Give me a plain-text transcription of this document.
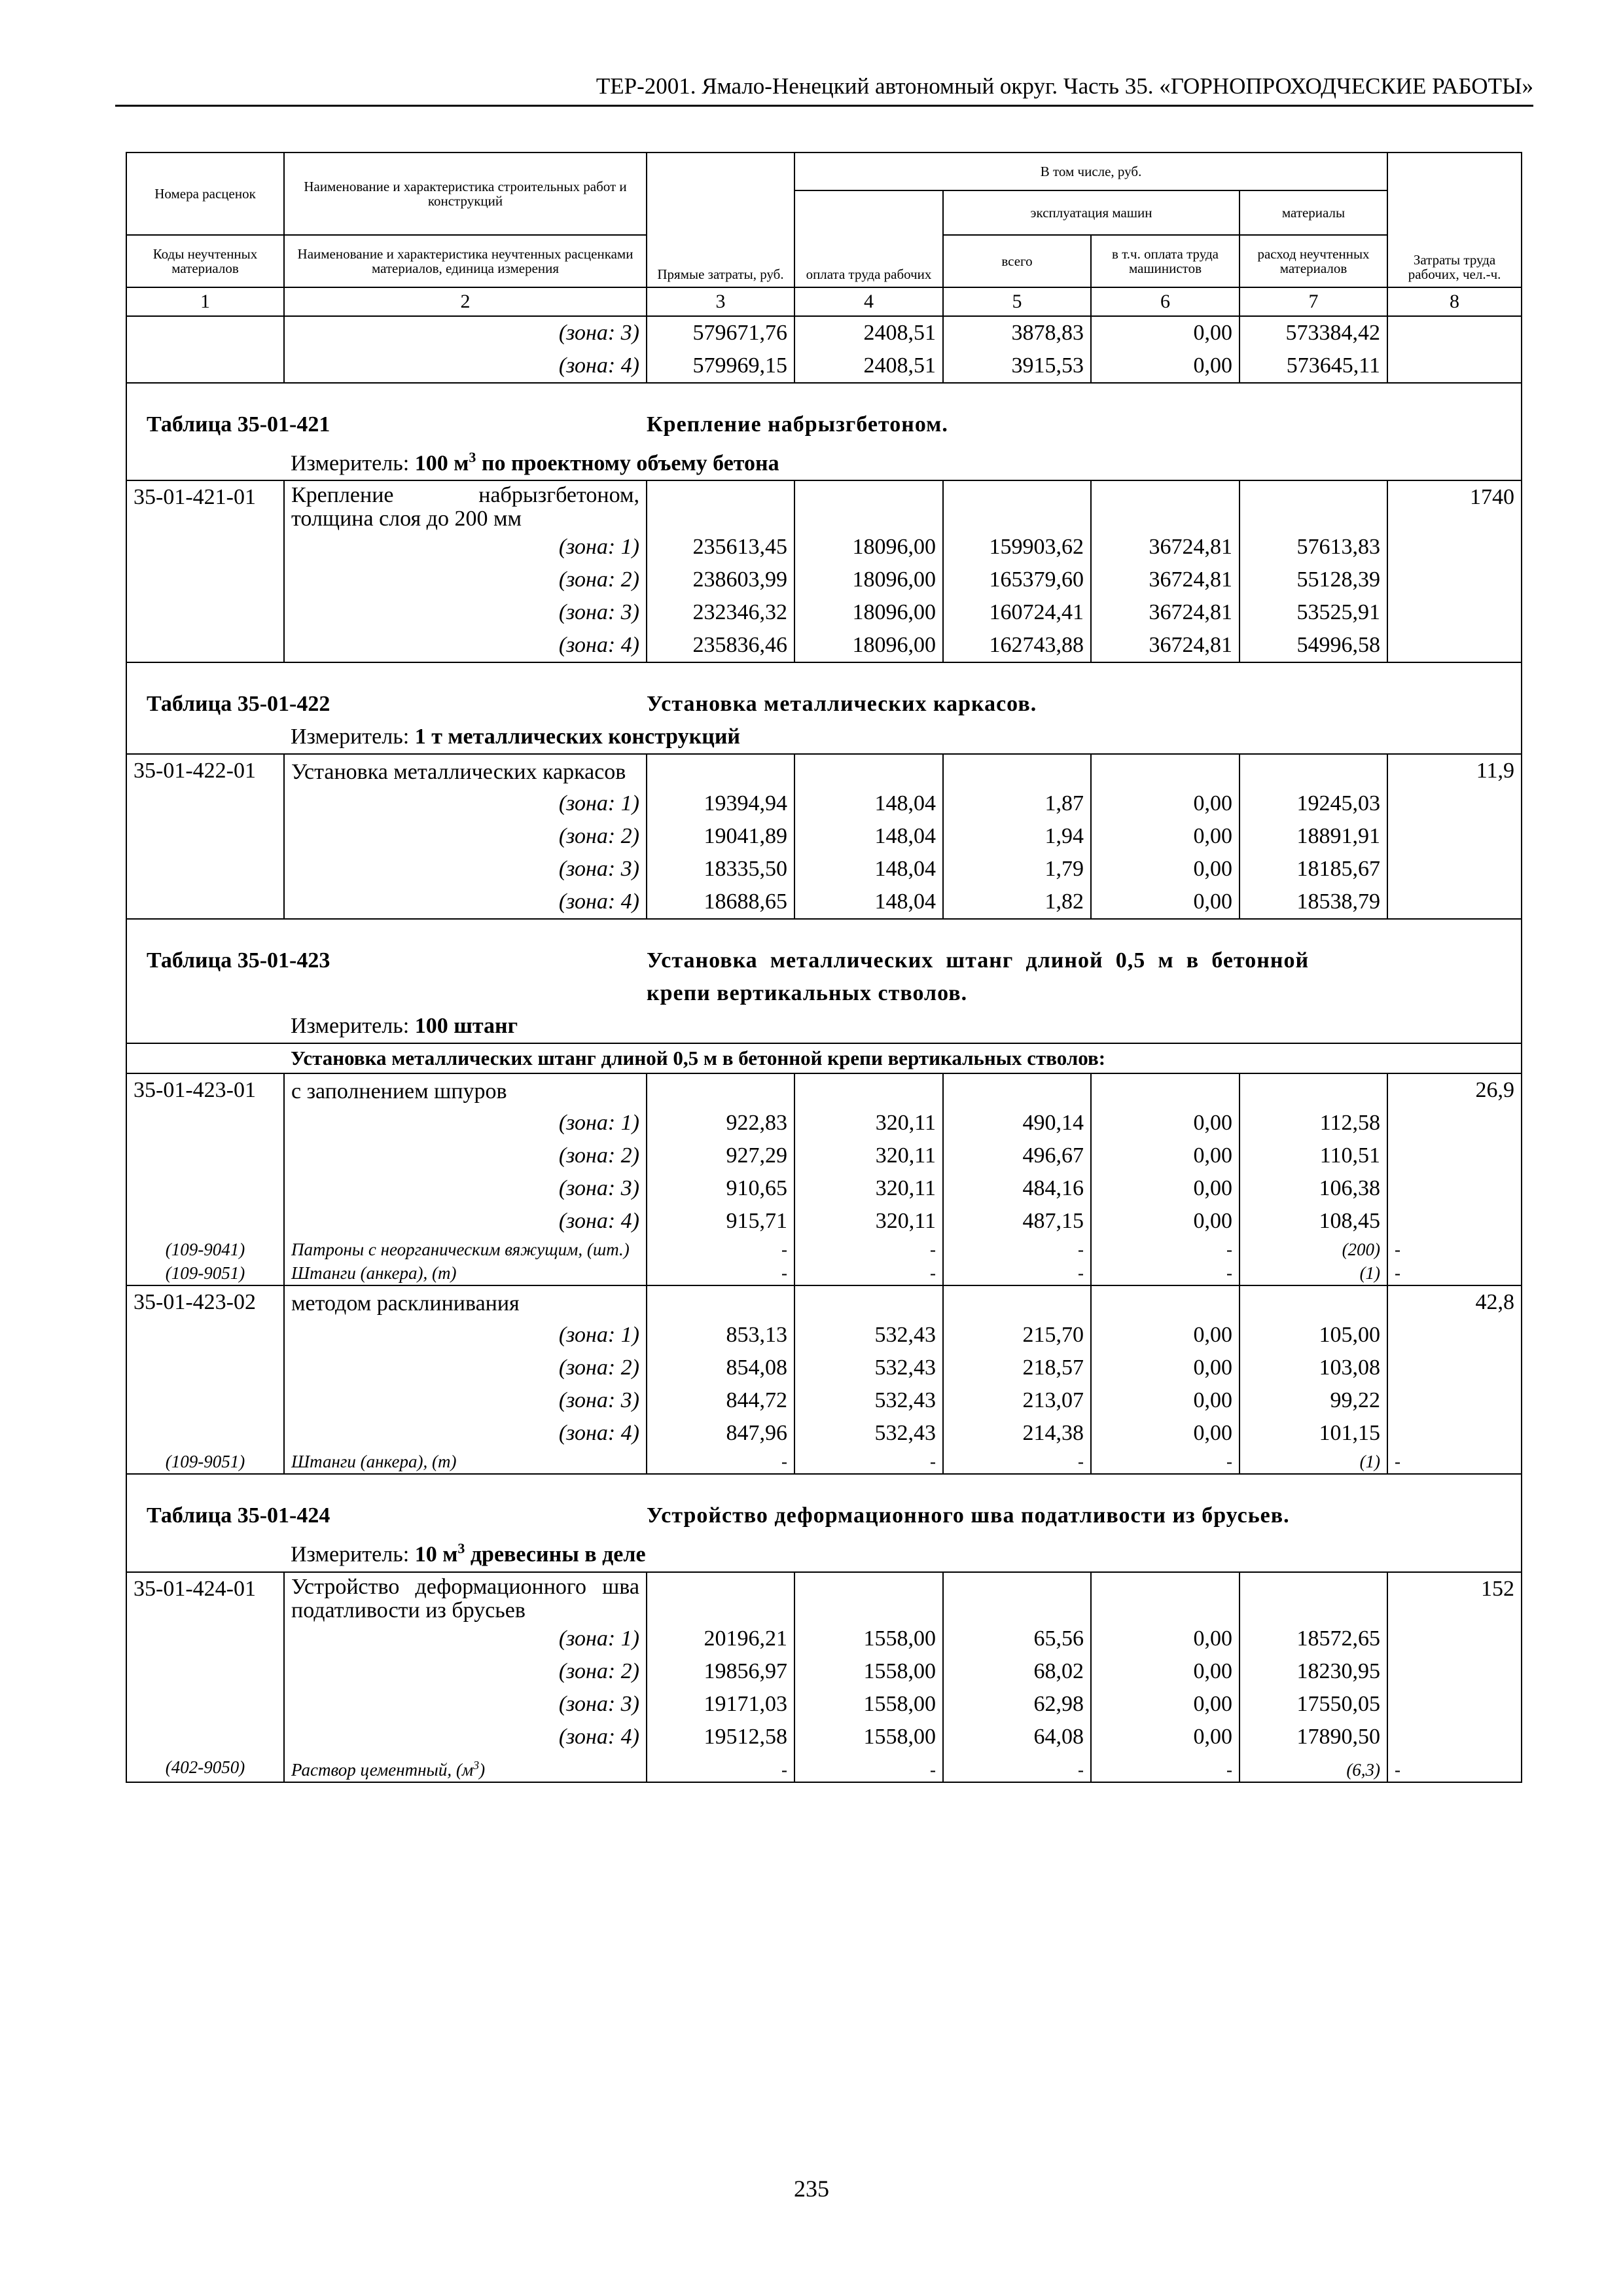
ТЕР-2001. Ямало-Ненецкий автономный округ. Часть 35. «ГОРНОПРОХОДЧЕСКИЕ РАБОТЫ»
Номера расценок	Наименование и характеристика строительных работ и конструкций	Прямые затраты, руб.	В том числе, руб.				Затраты труда рабочих, чел.-ч.
			оплата труда рабочих	эксплуатация машин		материалы	
Коды неучтенных материалов	Наименование и характеристика неучтенных расценками материалов, единица измерения			всего	в т.ч. оплата труда машинистов	расход неучтенных материалов	
1	2	3	4	5	6	7	8
	(зона: 3)	579671,76	2408,51	3878,83	0,00	573384,42	
	(зона: 4)	579969,15	2408,51	3915,53	0,00	573645,11	
Таблица 35-01-421		Крепление набрызгбетоном.					
	Измеритель: 100 $м^3$ по проектному объему бетона						
35-01-421-01	Крепление набрызгбетоном, толщина слоя до 200 мм						1740
	(зона: 1)	235613,45	18096,00	159903,62	36724,81	57613,83	
	(зона: 2)	238603,99	18096,00	165379,60	36724,81	55128,39	
	(зона: 3)	232346,32	18096,00	160724,41	36724,81	53525,91	
	(зона: 4)	235836,46	18096,00	162743,88	36724,81	54996,58	
Таблица 35-01-422		Установка металлических каркасов.					
	Измеритель: 1 т металлических конструкций						
35-01-422-01	Установка металлических каркасов						11,9
	(зона: 1)	19394,94	148,04	1,87	0,00	19245,03	
	(зона: 2)	19041,89	148,04	1,94	0,00	18891,91	
	(зона: 3)	18335,50	148,04	1,79	0,00	18185,67	
	(зона: 4)	18688,65	148,04	1,82	0,00	18538,79	
Таблица 35-01-423		Установка металлических штанг длиной 0,5 м в бетонной крепи вертикальных стволов.					
	Измеритель: 100 штанг						
	Установка металлических штанг длиной 0,5 м в бетонной крепи вертикальных стволов:						
35-01-423-01	с заполнением шпуров						26,9
	(зона: 1)	922,83	320,11	490,14	0,00	112,58	
	(зона: 2)	927,29	320,11	496,67	0,00	110,51	
	(зона: 3)	910,65	320,11	484,16	0,00	106,38	
	(зона: 4)	915,71	320,11	487,15	0,00	108,45	
(109-9041)	Патроны с неорганическим вяжущим, (шт.)	-	-	-	-	(200)	-
(109-9051)	Штанги (анкера), (т)	-	-	-	-	(1)	-
35-01-423-02	методом расклинивания						42,8
	(зона: 1)	853,13	532,43	215,70	0,00	105,00	
	(зона: 2)	854,08	532,43	218,57	0,00	103,08	
	(зона: 3)	844,72	532,43	213,07	0,00	99,22	
	(зона: 4)	847,96	532,43	214,38	0,00	101,15	
(109-9051)	Штанги (анкера), (т)	-	-	-	-	(1)	-
Таблица 35-01-424		Устройство деформационного шва податливости из брусьев.					
	Измеритель: 10 $м^3$ древесины в деле						
35-01-424-01	Устройство деформационного шва податливости из брусьев						152
	(зона: 1)	20196,21	1558,00	65,56	0,00	18572,65	
	(зона: 2)	19856,97	1558,00	68,02	0,00	18230,95	
	(зона: 3)	19171,03	1558,00	62,98	0,00	17550,05	
	(зона: 4)	19512,58	1558,00	64,08	0,00	17890,50	
(402-9050)	Раствор цементный, $(м^3)$	-	-	-	-	(6,3)	-
235
